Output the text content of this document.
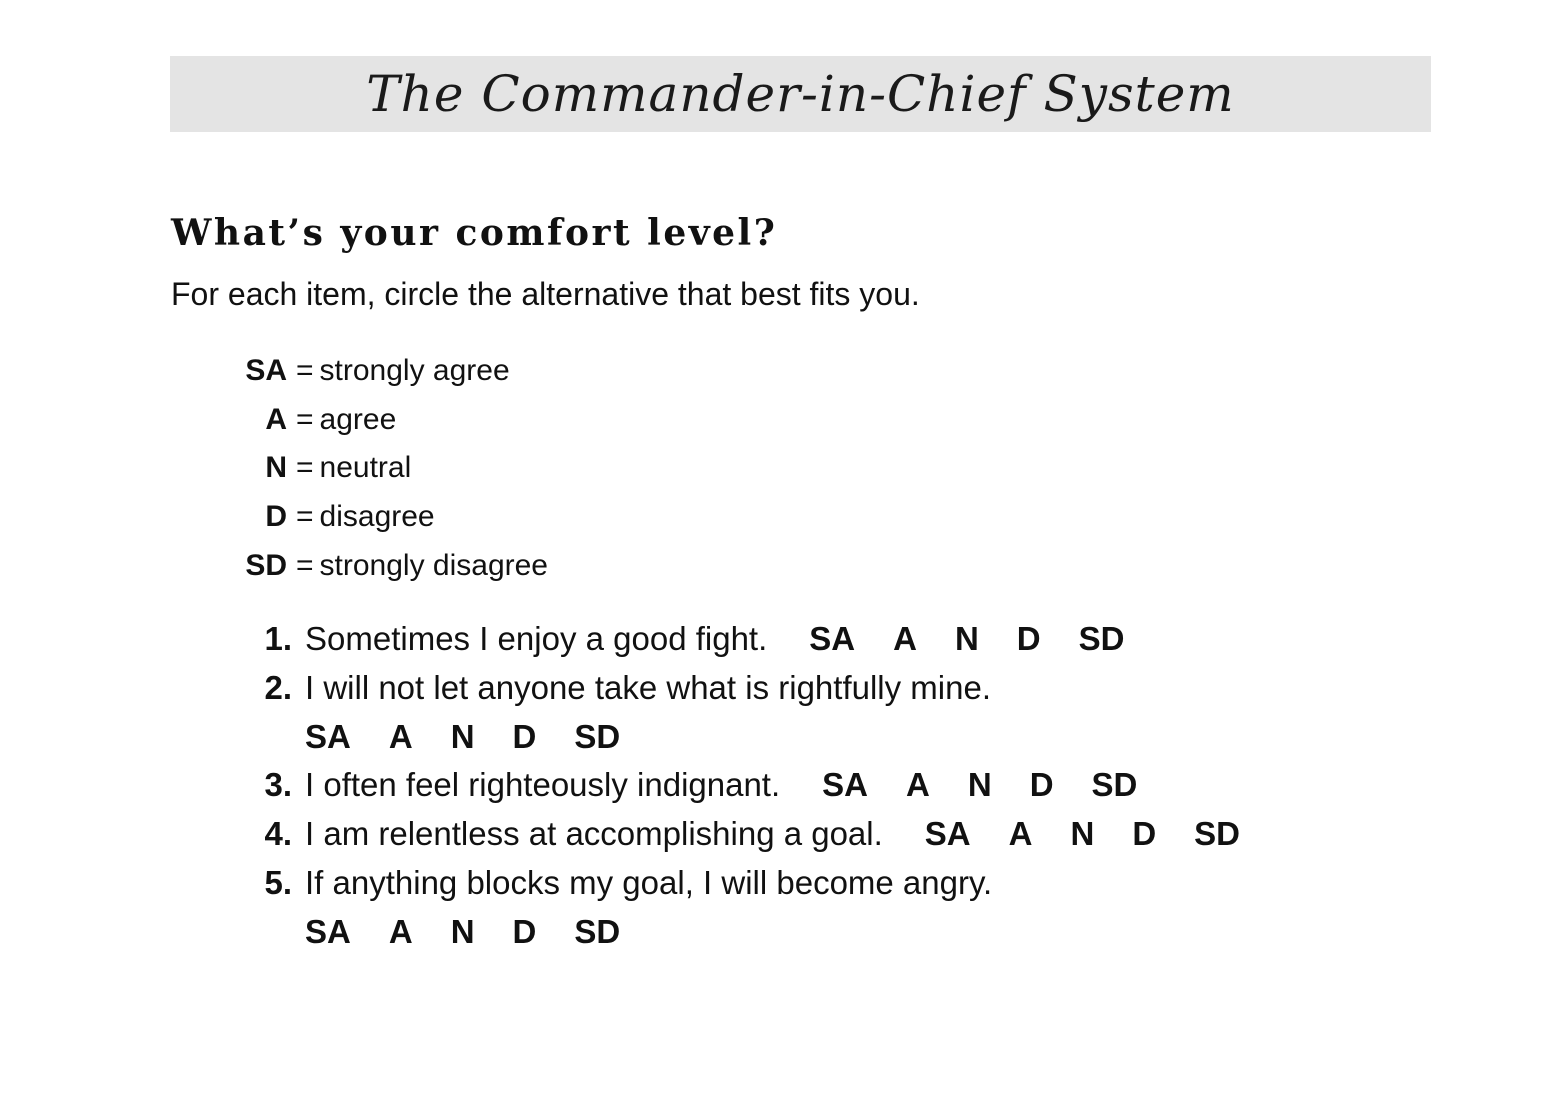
The Commander-in-Chief System
What’s your comfort level?
For each item, circle the alternative that best fits you.
SA = strongly agree
A = agree
N = neutral
D = disagree
SD = strongly disagree
1. Sometimes I enjoy a good fight. SA A N D SD
2. I will not let anyone take what is rightfully mine.
SA A N D SD
3. I often feel righteously indignant. SA A N D SD
4. I am relentless at accomplishing a goal. SA A N D SD
5. If anything blocks my goal, I will become angry.
SA A N D SD
